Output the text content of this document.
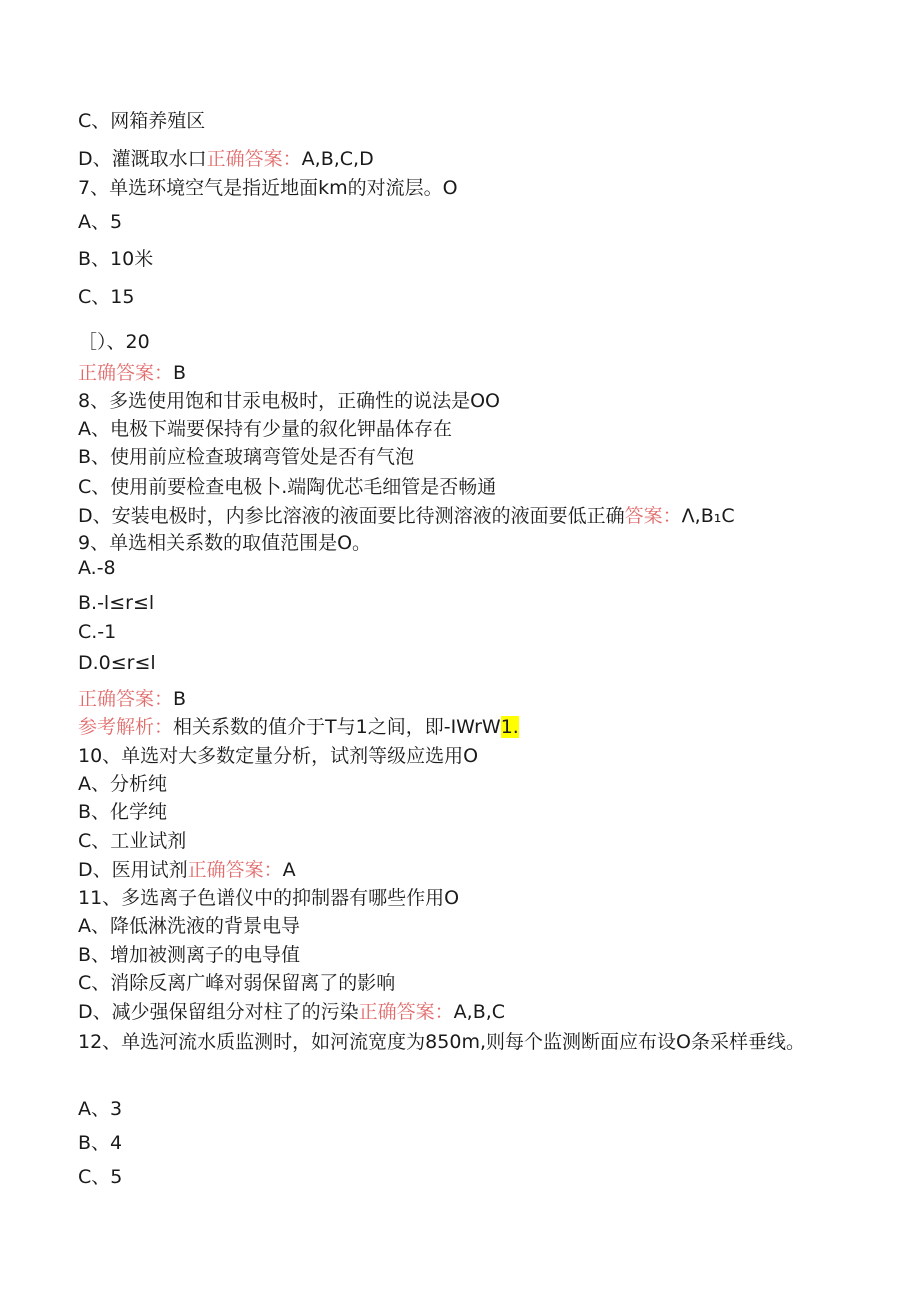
C、网箱养殖区
D、灌溉取水口正确答案：A,B,C,D
7、单选环境空气是指近地面km的对流层。O
A、5
B、10米
C、15
［）、20
正确答案：B
8、多选使用饱和甘汞电极时，正确性的说法是OO
A、电极下端要保持有少量的叙化钾晶体存在
B、使用前应检查玻璃弯管处是否有气泡
C、使用前要检查电极卜.端陶优芯毛细管是否畅通
D、安装电极时，内参比溶液的液面要比待测溶液的液面要低正确答案：Λ,B₁C
9、单选相关系数的取值范围是O。
A.-8
B.-l≤r≤l
C.-1
D.0≤r≤l
正确答案：B
参考解析：相关系数的值介于T与1之间，即-IWrW1.
10、单选对大多数定量分析，试剂等级应选用O
A、分析纯
B、化学纯
C、工业试剂
D、医用试剂正确答案：A
11、多选离子色谱仪中的抑制器有哪些作用O
A、降低淋洗液的背景电导
B、增加被测离子的电导值
C、消除反离广峰对弱保留离了的影响
D、减少强保留组分对柱了的污染正确答案：A,B,C
12、单选河流水质监测时，如河流宽度为850m,则每个监测断面应布设O条采样垂线。
A、3
B、4
C、5
